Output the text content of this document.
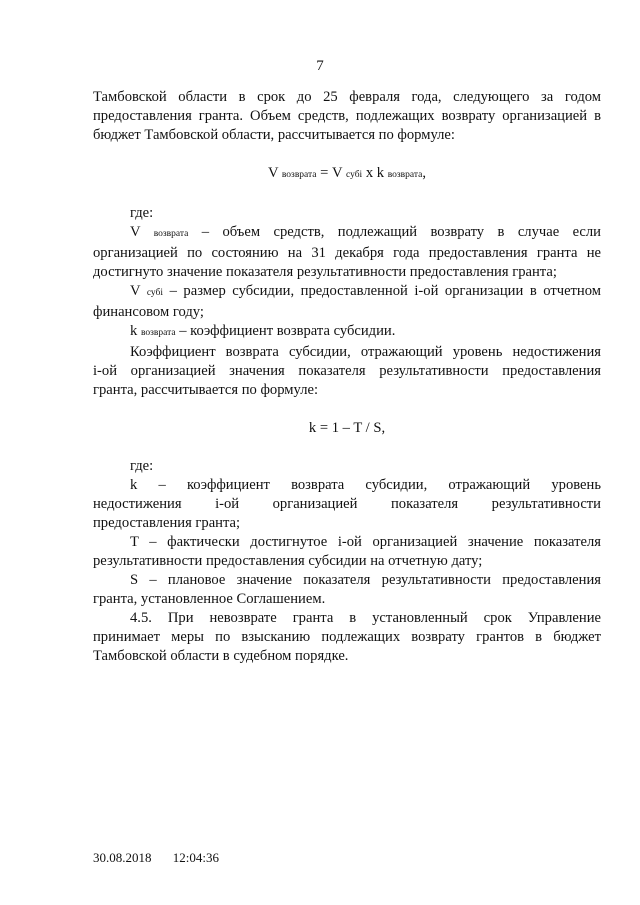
7

Тамбовской области в срок до 25 февраля года, следующего за годом

предоставления гранта. Объем средств, подлежащих возврату организацией в

бюджет Тамбовской области, рассчитывается по формуле:

V возврата = V субі x k возврата,

где:

V возврата – объем средств, подлежащий возврату в случае если

организацией по состоянию на 31 декабря года предоставления гранта не

достигнуто значение показателя результативности предоставления гранта;

V субі – размер субсидии, предоставленной i-ой организации в отчетном

финансовом году;

k возврата – коэффициент возврата субсидии.

Коэффициент возврата субсидии, отражающий уровень недостижения

i-ой организацией значения показателя результативности предоставления

гранта, рассчитывается по формуле:

k = 1 – T / S,

где:

k – коэффициент возврата субсидии, отражающий уровень

недостижения i-ой организацией показателя результативности

предоставления гранта;

T – фактически достигнутое i-ой организацией значение показателя

результативности предоставления субсидии на отчетную дату;

S – плановое значение показателя результативности предоставления

гранта, установленное Соглашением.

4.5. При невозврате гранта в установленный срок Управление

принимает меры по взысканию подлежащих возврату грантов в бюджет

Тамбовской области в судебном порядке.

30.08.2018 12:04:36
